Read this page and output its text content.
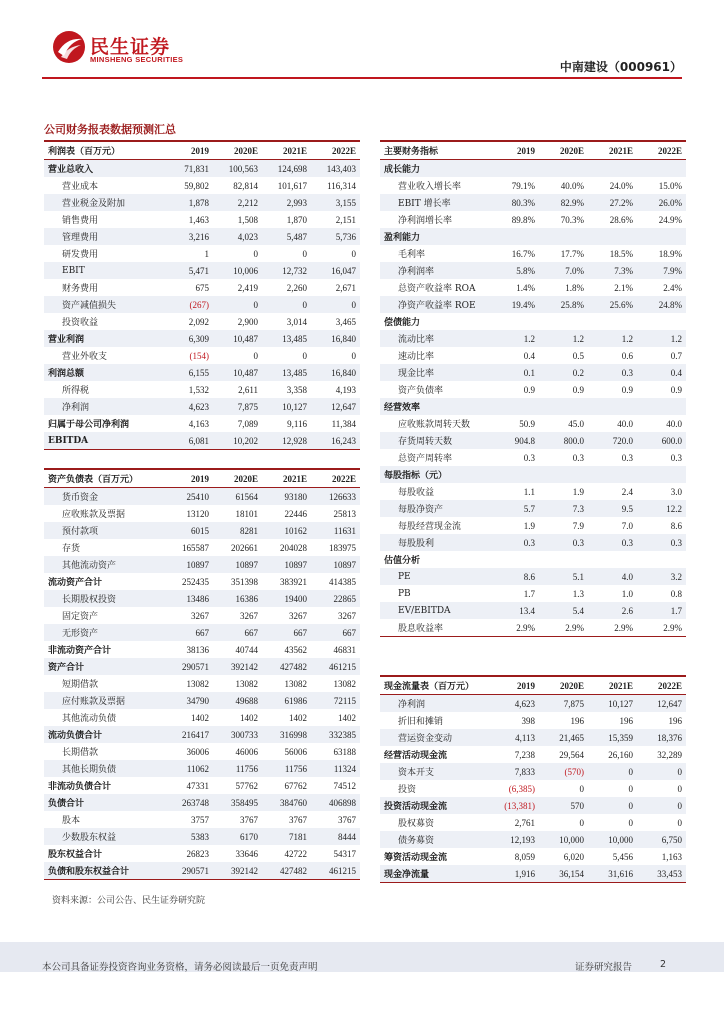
民生证券
MINSHENG SECURITIES
中南建设（000961）
公司财务报表数据预测汇总
利润表（百万元）	2019	2020E	2021E	2022E
营业总收入	71,831	100,563	124,698	143,403
营业成本	59,802	82,814	101,617	116,314
营业税金及附加	1,878	2,212	2,993	3,155
销售费用	1,463	1,508	1,870	2,151
管理费用	3,216	4,023	5,487	5,736
研发费用	1	0	0	0
EBIT	5,471	10,006	12,732	16,047
财务费用	675	2,419	2,260	2,671
资产减值损失	(267)	0	0	0
投资收益	2,092	2,900	3,014	3,465
营业利润	6,309	10,487	13,485	16,840
营业外收支	(154)	0	0	0
利润总额	6,155	10,487	13,485	16,840
所得税	1,532	2,611	3,358	4,193
净利润	4,623	7,875	10,127	12,647
归属于母公司净利润	4,163	7,089	9,116	11,384
EBITDA	6,081	10,202	12,928	16,243
资产负债表（百万元）	2019	2020E	2021E	2022E
货币资金	25410	61564	93180	126633
应收账款及票据	13120	18101	22446	25813
预付款项	6015	8281	10162	11631
存货	165587	202661	204028	183975
其他流动资产	10897	10897	10897	10897
流动资产合计	252435	351398	383921	414385
长期股权投资	13486	16386	19400	22865
固定资产	3267	3267	3267	3267
无形资产	667	667	667	667
非流动资产合计	38136	40744	43562	46831
资产合计	290571	392142	427482	461215
短期借款	13082	13082	13082	13082
应付账款及票据	34790	49688	61986	72115
其他流动负债	1402	1402	1402	1402
流动负债合计	216417	300733	316998	332385
长期借款	36006	46006	56006	63188
其他长期负债	11062	11756	11756	11324
非流动负债合计	47331	57762	67762	74512
负债合计	263748	358495	384760	406898
股本	3757	3767	3767	3767
少数股东权益	5383	6170	7181	8444
股东权益合计	26823	33646	42722	54317
负债和股东权益合计	290571	392142	427482	461215
主要财务指标	2019	2020E	2021E	2022E
成长能力				
营业收入增长率	79.1%	40.0%	24.0%	15.0%
EBIT 增长率	80.3%	82.9%	27.2%	26.0%
净利润增长率	89.8%	70.3%	28.6%	24.9%
盈利能力				
毛利率	16.7%	17.7%	18.5%	18.9%
净利润率	5.8%	7.0%	7.3%	7.9%
总资产收益率 ROA	1.4%	1.8%	2.1%	2.4%
净资产收益率 ROE	19.4%	25.8%	25.6%	24.8%
偿债能力				
流动比率	1.2	1.2	1.2	1.2
速动比率	0.4	0.5	0.6	0.7
现金比率	0.1	0.2	0.3	0.4
资产负债率	0.9	0.9	0.9	0.9
经营效率				
应收账款周转天数	50.9	45.0	40.0	40.0
存货周转天数	904.8	800.0	720.0	600.0
总资产周转率	0.3	0.3	0.3	0.3
每股指标（元）				
每股收益	1.1	1.9	2.4	3.0
每股净资产	5.7	7.3	9.5	12.2
每股经营现金流	1.9	7.9	7.0	8.6
每股股利	0.3	0.3	0.3	0.3
估值分析				
PE	8.6	5.1	4.0	3.2
PB	1.7	1.3	1.0	0.8
EV/EBITDA	13.4	5.4	2.6	1.7
股息收益率	2.9%	2.9%	2.9%	2.9%
现金流量表（百万元）	2019	2020E	2021E	2022E
净利润	4,623	7,875	10,127	12,647
折旧和摊销	398	196	196	196
营运资金变动	4,113	21,465	15,359	18,376
经营活动现金流	7,238	29,564	26,160	32,289
资本开支	7,833	(570)	0	0
投资	(6,385)	0	0	0
投资活动现金流	(13,381)	570	0	0
股权募资	2,761	0	0	0
债务募资	12,193	10,000	10,000	6,750
筹资活动现金流	8,059	6,020	5,456	1,163
现金净流量	1,916	36,154	31,616	33,453
资料来源：公司公告、民生证券研究院
本公司具备证券投资咨询业务资格，请务必阅读最后一页免责声明	证券研究报告	2
